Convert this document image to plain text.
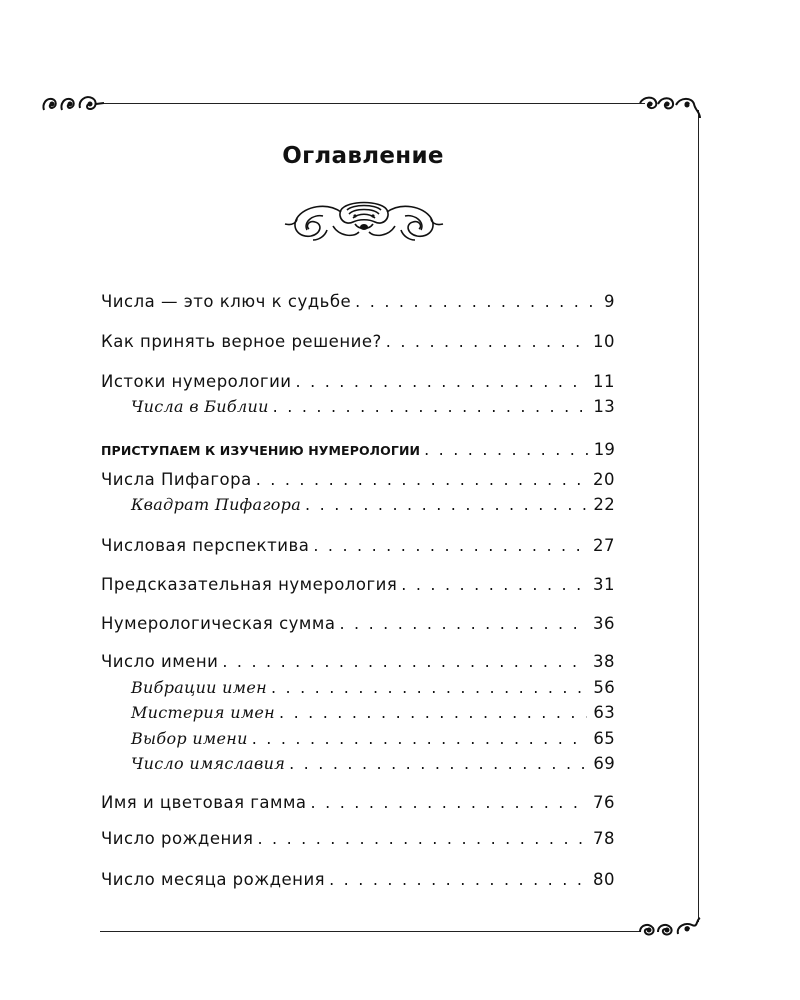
Оглавление
Числа — это ключ к судьбе . . .	9
Как принять верное решение? . . .	10
Истоки нумерологии . . .	11
Числа в Библии . . .	13
ПРИСТУПАЕМ К ИЗУЧЕНИЮ НУМЕРОЛОГИИ . . .	19
Числа Пифагора . . .	20
Квадрат Пифагора . . .	22
Числовая перспектива . . .	27
Предсказательная нумерология . . .	31
Нумерологическая сумма . . .	36
Число имени . . .	38
Вибрации имен . . .	56
Мистерия имен . . .	63
Выбор имени . . .	65
Число имяславия . . .	69
Имя и цветовая гамма . . .	76
Число рождения . . .	78
Число месяца рождения . . .	80
